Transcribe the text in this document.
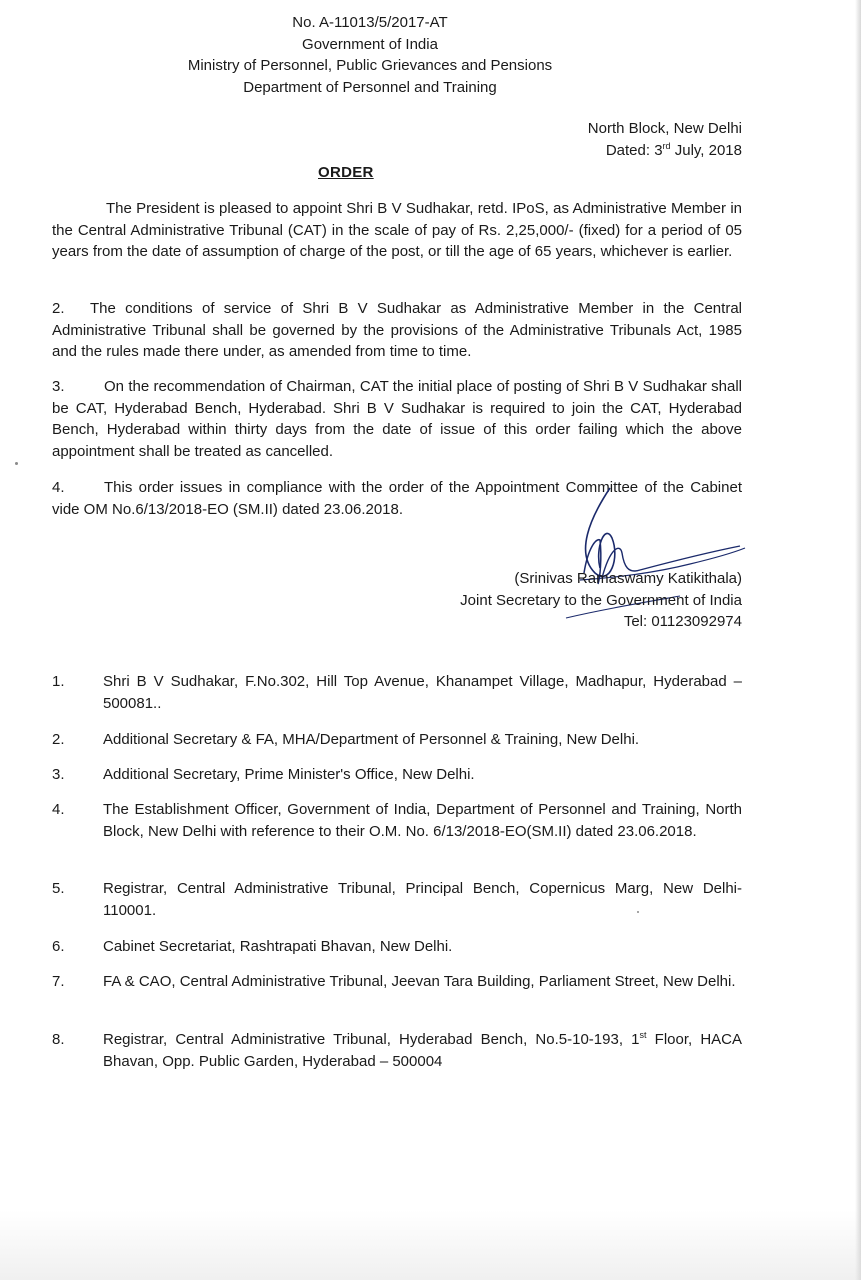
No. A-11013/5/2017-AT
Government of India
Ministry of Personnel, Public Grievances and Pensions
Department of Personnel and Training
North Block, New Delhi
Dated: 3rd July, 2018
ORDER
The President is pleased to appoint Shri B V Sudhakar, retd. IPoS, as Administrative Member in the Central Administrative Tribunal (CAT) in the scale of pay of Rs. 2,25,000/- (fixed) for a period of 05 years from the date of assumption of charge of the post, or till the age of 65 years, whichever is earlier.
2. The conditions of service of Shri B V Sudhakar as Administrative Member in the Central Administrative Tribunal shall be governed by the provisions of the Administrative Tribunals Act, 1985 and the rules made there under, as amended from time to time.
3.	On the recommendation of Chairman, CAT the initial place of posting of Shri B V Sudhakar shall be CAT, Hyderabad Bench, Hyderabad. Shri B V Sudhakar is required to join the CAT, Hyderabad Bench, Hyderabad within thirty days from the date of issue of this order failing which the above appointment shall be treated as cancelled.
4.	This order issues in compliance with the order of the Appointment Committee of the Cabinet vide OM No.6/13/2018-EO (SM.II) dated 23.06.2018.
(Srinivas Ramaswamy Katikithala)
Joint Secretary to the Government of India
Tel: 01123092974
1.	Shri B V Sudhakar, F.No.302, Hill Top Avenue, Khanampet Village, Madhapur, Hyderabad – 500081..
2.	Additional Secretary & FA, MHA/Department of Personnel & Training, New Delhi.
3.	Additional Secretary, Prime Minister's Office, New Delhi.
4.	The Establishment Officer, Government of India, Department of Personnel and Training, North Block, New Delhi with reference to their O.M. No. 6/13/2018-EO(SM.II) dated 23.06.2018.
5.	Registrar, Central Administrative Tribunal, Principal Bench, Copernicus Marg, New Delhi-110001.
6.	Cabinet Secretariat, Rashtrapati Bhavan, New Delhi.
7.	FA & CAO, Central Administrative Tribunal, Jeevan Tara Building, Parliament Street, New Delhi.
8.	Registrar, Central Administrative Tribunal, Hyderabad Bench, No.5-10-193, 1st Floor, HACA Bhavan, Opp. Public Garden, Hyderabad – 500004
